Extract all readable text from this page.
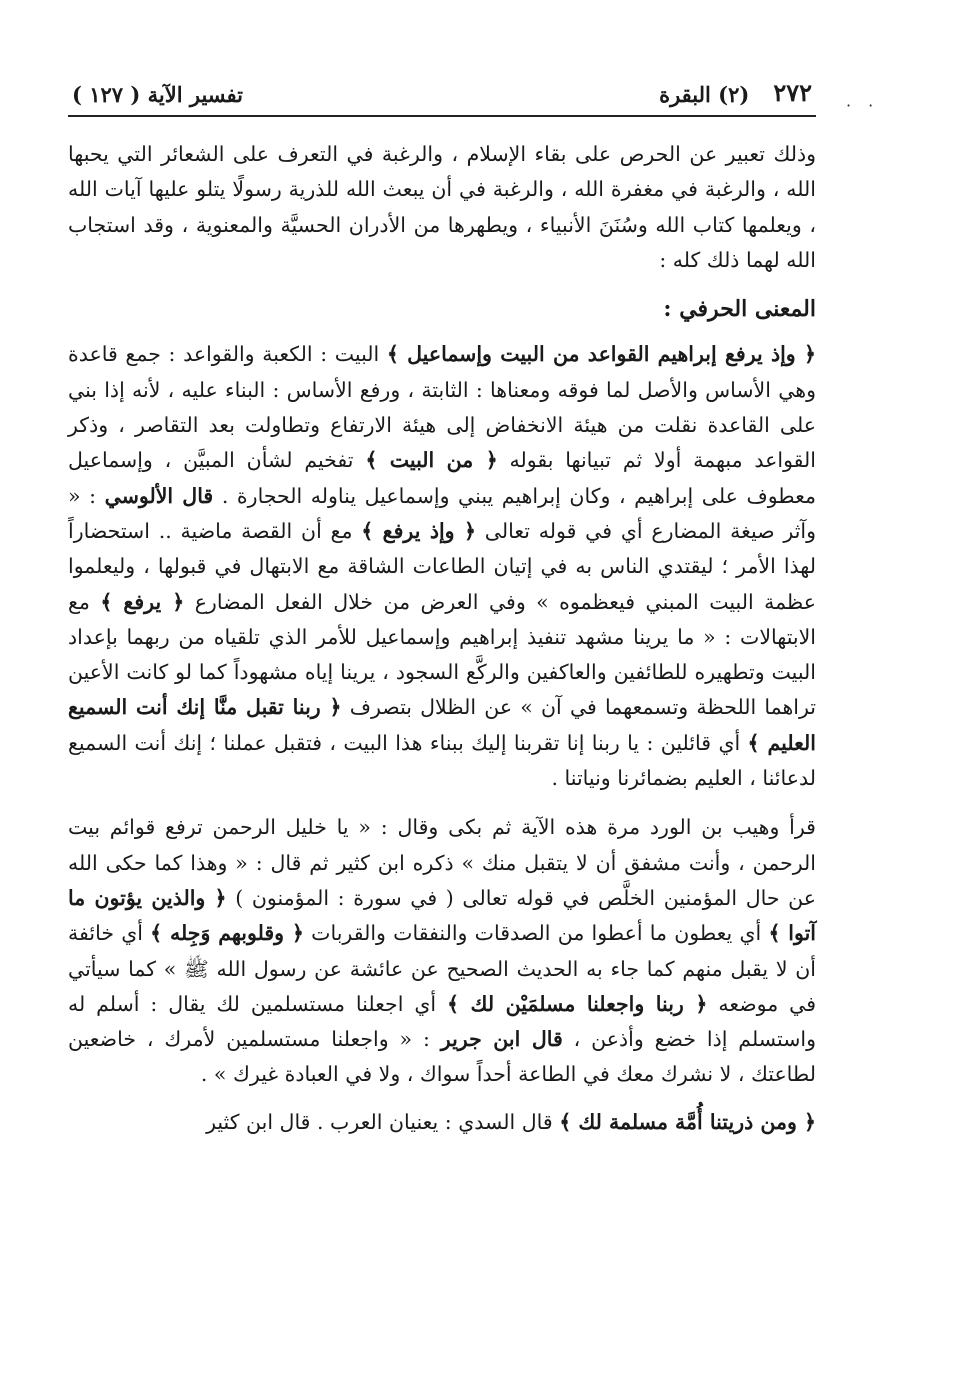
· ·
٢٧٢
(٢) البقرة
تفسير الآية ( ١٢٧ )

وذلك تعبير عن الحرص على بقاء الإسلام ، والرغبة في التعرف على الشعائر التي يحبها الله ، والرغبة في مغفرة الله ، والرغبة في أن يبعث الله للذرية رسولًا يتلو عليها آيات الله ، ويعلمها كتاب الله وسُنَنَ الأنبياء ، ويطهرها من الأدران الحسيَّة والمعنوية ، وقد استجاب الله لهما ذلك كله :

المعنى الحرفي :

﴿ وإذ يرفع إبراهيم القواعد من البيت وإسماعيل ﴾ البيت : الكعبة والقواعد : جمع قاعدة وهي الأساس والأصل لما فوقه ومعناها : الثابتة ، ورفع الأساس : البناء عليه ، لأنه إذا بني على القاعدة نقلت من هيئة الانخفاض إلى هيئة الارتفاع وتطاولت بعد التقاصر ، وذكر القواعد مبهمة أولا ثم تبيانها بقوله ﴿ من البيت ﴾ تفخيم لشأن المبيَّن ، وإسماعيل معطوف على إبراهيم ، وكان إبراهيم يبني وإسماعيل يناوله الحجارة . قال الألوسي : « وآثر صيغة المضارع أي في قوله تعالى ﴿ وإذ يرفع ﴾ مع أن القصة ماضية .. استحضاراً لهذا الأمر ؛ ليقتدي الناس به في إتيان الطاعات الشاقة مع الابتهال في قبولها ، وليعلموا عظمة البيت المبني فيعظموه » وفي العرض من خلال الفعل المضارع ﴿ يرفع ﴾ مع الابتهالات : « ما يرينا مشهد تنفيذ إبراهيم وإسماعيل للأمر الذي تلقياه من ربهما بإعداد البيت وتطهيره للطائفين والعاكفين والركَّع السجود ، يرينا إياه مشهوداً كما لو كانت الأعين تراهما اللحظة وتسمعهما في آن » عن الظلال بتصرف ﴿ ربنا تقبل منَّا إنك أنت السميع العليم ﴾ أي قائلين : يا ربنا إنا تقربنا إليك ببناء هذا البيت ، فتقبل عملنا ؛ إنك أنت السميع لدعائنا ، العليم بضمائرنا ونياتنا .

قرأ وهيب بن الورد مرة هذه الآية ثم بكى وقال : « يا خليل الرحمن ترفع قوائم بيت الرحمن ، وأنت مشفق أن لا يتقبل منك » ذكره ابن كثير ثم قال : « وهذا كما حكى الله عن حال المؤمنين الخلَّص في قوله تعالى ( في سورة : المؤمنون ) ﴿ والذين يؤتون ما آتوا ﴾ أي يعطون ما أعطوا من الصدقات والنفقات والقربات ﴿ وقلوبهم وَجِله ﴾ أي خائفة أن لا يقبل منهم كما جاء به الحديث الصحيح عن عائشة عن رسول الله ﷺ » كما سيأتي في موضعه ﴿ ربنا واجعلنا مسلمَيْن لك ﴾ أي اجعلنا مستسلمين لك يقال : أسلم له واستسلم إذا خضع وأذعن ، قال ابن جرير : « واجعلنا مستسلمين لأمرك ، خاضعين لطاعتك ، لا نشرك معك في الطاعة أحداً سواك ، ولا في العبادة غيرك » .

﴿ ومن ذريتنا أُمَّة مسلمة لك ﴾ قال السدي : يعنيان العرب . قال ابن كثير
